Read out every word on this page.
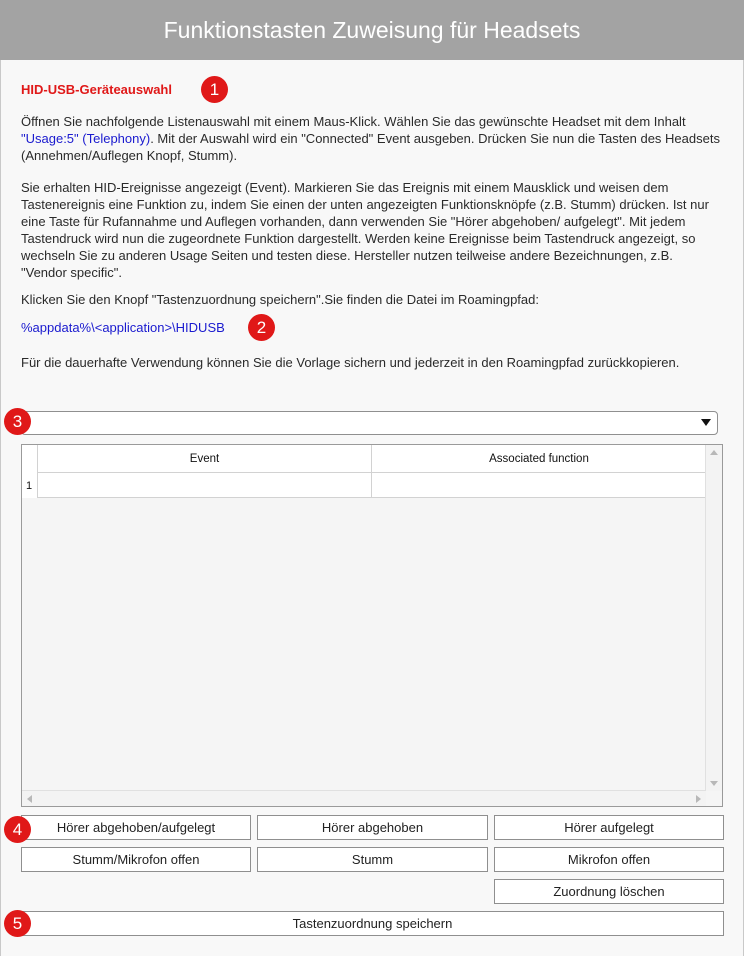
Funktionstasten Zuweisung für Headsets
HID-USB-Geräteauswahl	1
Öffnen Sie nachfolgende Listenauswahl mit einem Maus-Klick. Wählen Sie das gewünschte Headset mit dem Inhalt "Usage:5" (Telephony). Mit der Auswahl wird ein "Connected" Event ausgeben. Drücken Sie nun die Tasten des Headsets (Annehmen/Auflegen Knopf, Stumm).
Sie erhalten HID-Ereignisse angezeigt (Event). Markieren Sie das Ereignis mit einem Mausklick und weisen dem Tastenereignis eine Funktion zu, indem Sie einen der unten angezeigten Funktionsknöpfe (z.B. Stumm) drücken. Ist nur eine Taste für Rufannahme und Auflegen vorhanden, dann verwenden Sie "Hörer abgehoben/ aufgelegt". Mit jedem Tastendruck wird nun die zugeordnete Funktion dargestellt. Werden keine Ereignisse beim Tastendruck angezeigt, so wechseln Sie zu anderen Usage Seiten und testen diese. Hersteller nutzen teilweise andere Bezeichnungen, z.B. "Vendor specific".
Klicken Sie den Knopf "Tastenzuordnung speichern".Sie finden die Datei im Roamingpfad:
%appdata%\<application>\HIDUSB	2
Für die dauerhafte Verwendung können Sie die Vorlage sichern und jederzeit in den Roamingpfad zurückkopieren.
3
1
Event	Associated function
Hörer abgehoben/aufgelegt	Hörer abgehoben	Hörer aufgelegt
4
Stumm/Mikrofon offen	Stumm	Mikrofon offen
Zuordnung löschen
Tastenzuordnung speichern
5
